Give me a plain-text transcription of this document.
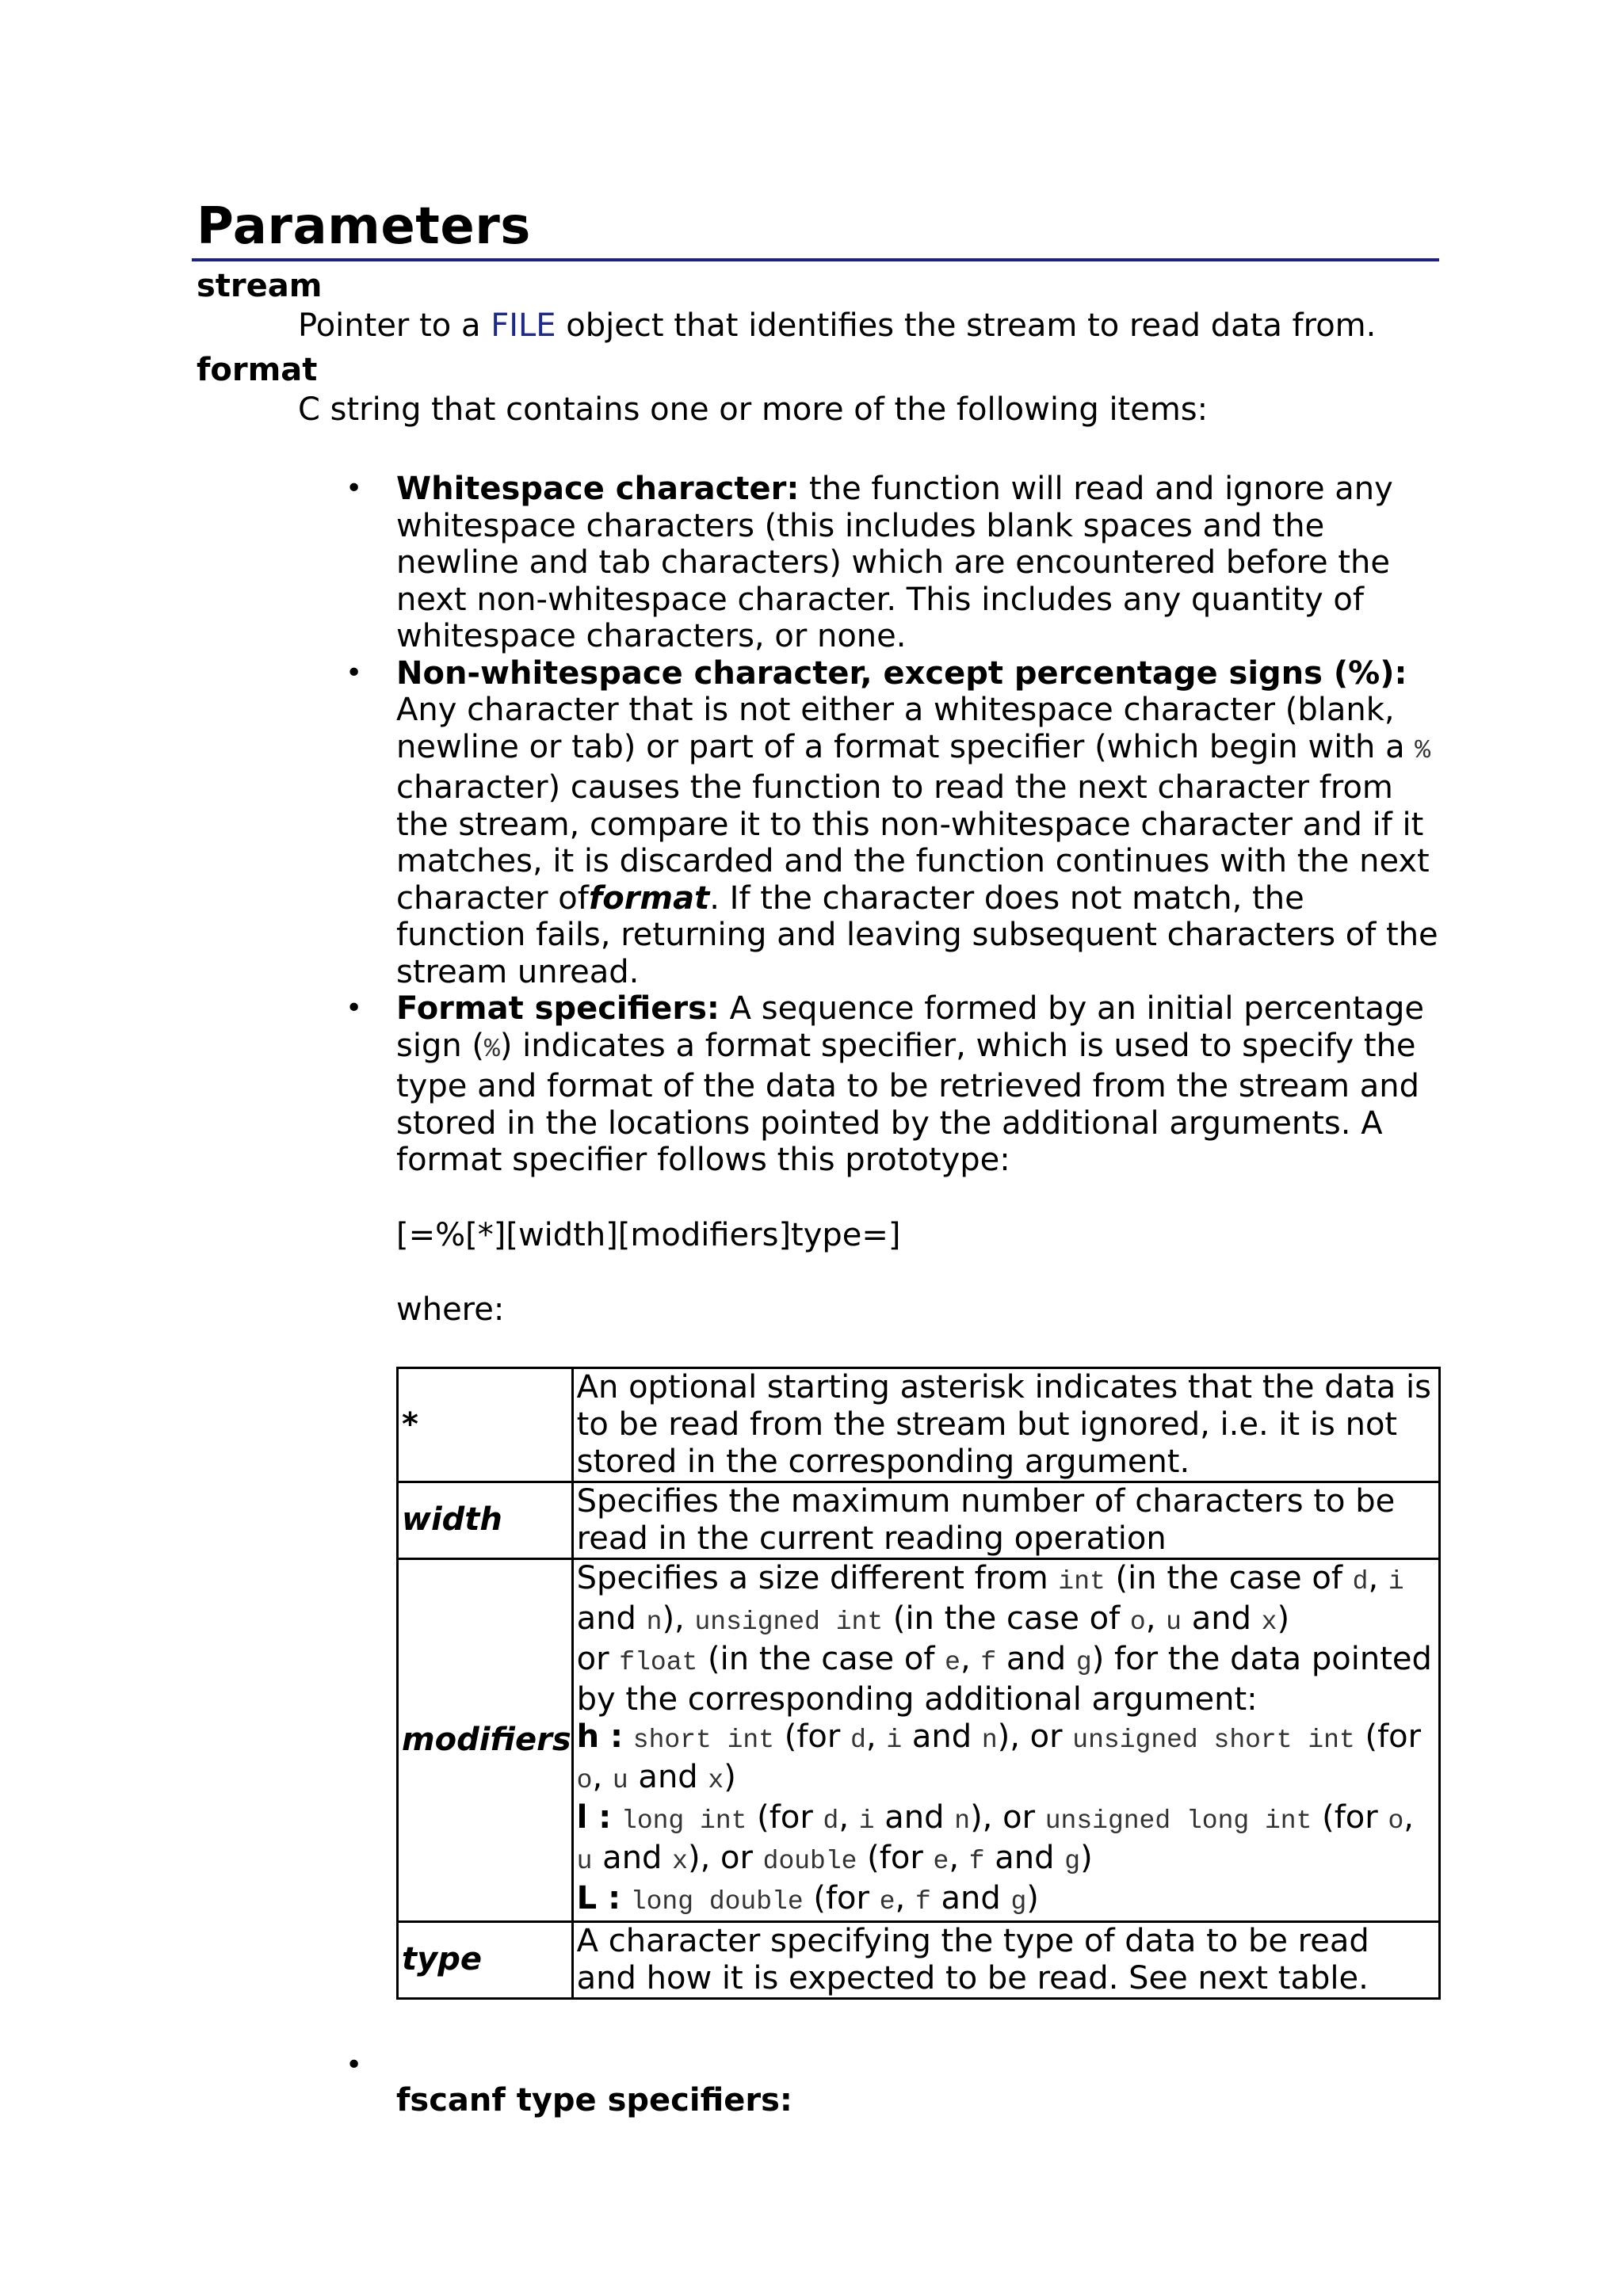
Parameters
stream
Pointer to a FILE object that identifies the stream to read data from.
format
C string that contains one or more of the following items:
• Whitespace character: the function will read and ignore any whitespace characters (this includes blank spaces and the newline and tab characters) which are encountered before the next non-whitespace character. This includes any quantity of whitespace characters, or none.
• Non-whitespace character, except percentage signs (%): Any character that is not either a whitespace character (blank, newline or tab) or part of a format specifier (which begin with a % character) causes the function to read the next character from the stream, compare it to this non-whitespace character and if it matches, it is discarded and the function continues with the next character offormat. If the character does not match, the function fails, returning and leaving subsequent characters of the stream unread.
• Format specifiers: A sequence formed by an initial percentage sign (%) indicates a format specifier, which is used to specify the type and format of the data to be retrieved from the stream and stored in the locations pointed by the additional arguments. A format specifier follows this prototype:
[=%[*][width][modifiers]type=]
where:
*	An optional starting asterisk indicates that the data is to be read from the stream but ignored, i.e. it is not stored in the corresponding argument.
width	Specifies the maximum number of characters to be read in the current reading operation
modifiers	Specifies a size different from int (in the case of d, i and n), unsigned int (in the case of o, u and x)
or float (in the case of e, f and g) for the data pointed by the corresponding additional argument:
h : short int (for d, i and n), or unsigned short int (for o, u and x)
l : long int (for d, i and n), or unsigned long int (for o, u and x), or double (for e, f and g)
L : long double (for e, f and g)
type	A character specifying the type of data to be read and how it is expected to be read. See next table.
• fscanf type specifiers:
